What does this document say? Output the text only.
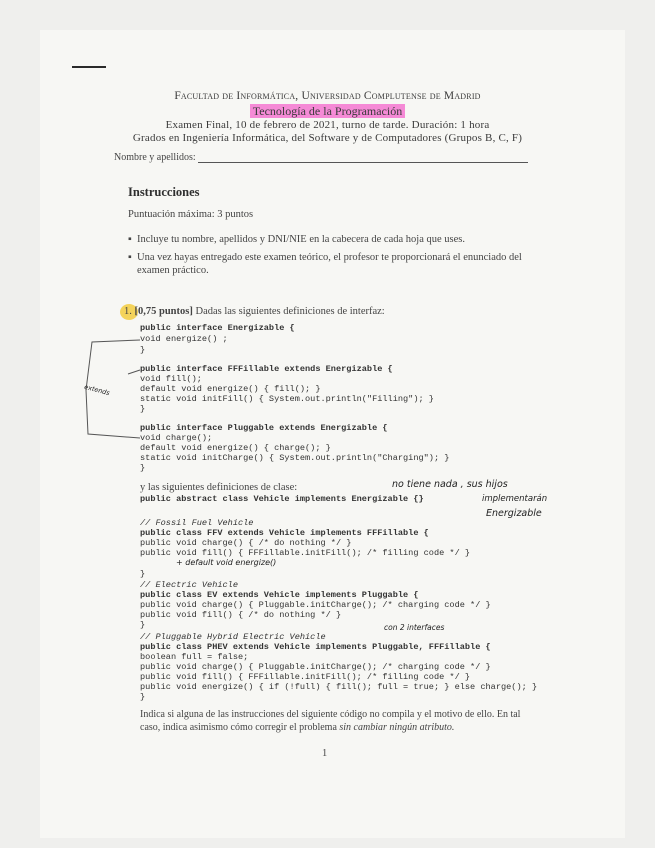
Facultad de Informática, Universidad Complutense de Madrid
Tecnología de la Programación
Examen Final, 10 de febrero de 2021, turno de tarde. Duración: 1 hora
Grados en Ingeniería Informática, del Software y de Computadores (Grupos B, C, F)
Nombre y apellidos:
Instrucciones
Puntuación máxima: 3 puntos
▪  Incluye tu nombre, apellidos y DNI/NIE en la cabecera de cada hoja que uses.
▪  Una vez hayas entregado este examen teórico, el profesor te proporcionará el enunciado del
examen práctico.
1. [0,75 puntos] Dadas las siguientes definiciones de interfaz:
public interface Energizable {
void energize() ;
}
public interface FFFillable extends Energizable {
void fill();
default void energize() { fill(); }
static void initFill() { System.out.println("Filling"); }
}
public interface Pluggable extends Energizable {
void charge();
default void energize() { charge(); }
static void initCharge() { System.out.println("Charging"); }
}
extends
y las siguientes definiciones de clase:
public abstract class Vehicle implements Energizable {}
no tiene nada , sus hijos
implementarán
Energizable
// Fossil Fuel Vehicle
public class FFV extends Vehicle implements FFFillable {
public void charge() { /* do nothing */ }
public void fill() { FFFillable.initFill(); /* filling code */ }
+ default void energize()
}
// Electric Vehicle
public class EV extends Vehicle implements Pluggable {
public void charge() { Pluggable.initCharge(); /* charging code */ }
public void fill() { /* do nothing */ }
}	con 2 interfaces
// Pluggable Hybrid Electric Vehicle
public class PHEV extends Vehicle implements Pluggable, FFFillable {
boolean full = false;
public void charge() { Pluggable.initCharge(); /* charging code */ }
public void fill() { FFFillable.initFill(); /* filling code */ }
public void energize() { if (!full) { fill(); full = true; } else charge(); }
}
Indica si alguna de las instrucciones del siguiente código no compila y el motivo de ello. En tal
caso, indica asimismo cómo corregir el problema sin cambiar ningún atributo.
1
